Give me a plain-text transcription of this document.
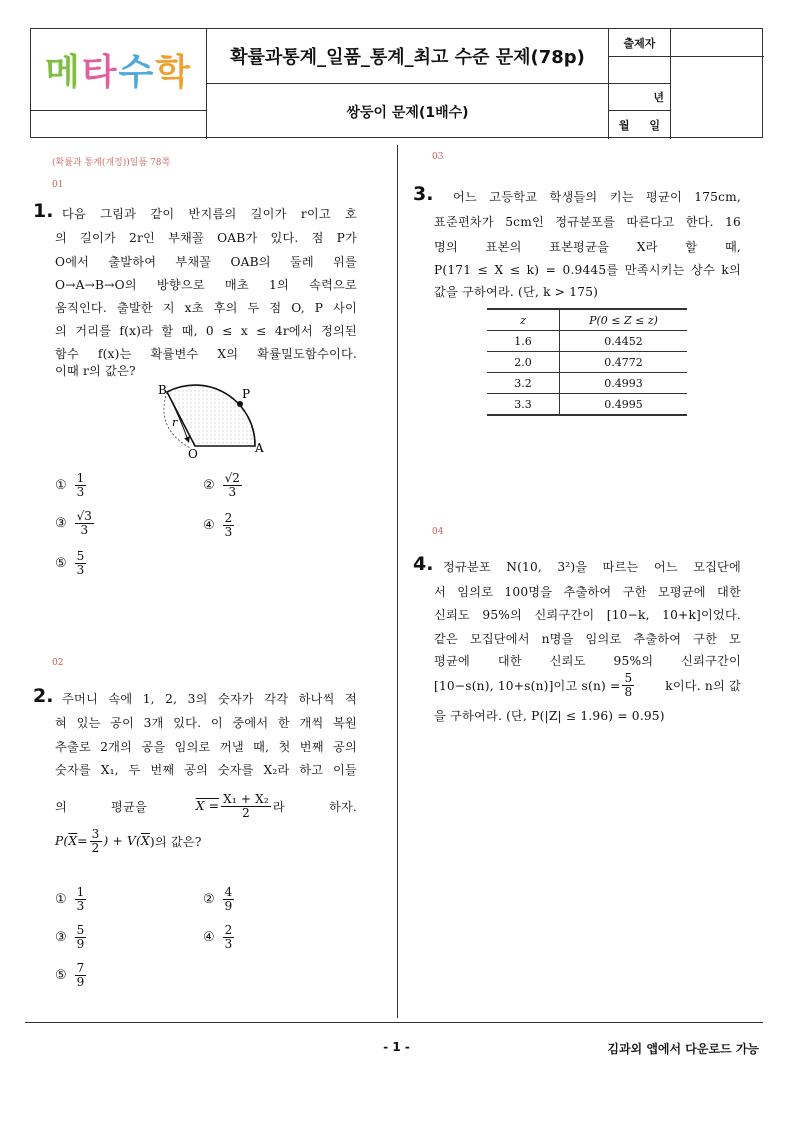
메타수학	확률과통계_일품_통계_최고 수준 문제(78p)
쌍둥이 문제(1배수)
출제자
년
월 일
(확률과 통계(개정))일품 78쪽
01
1. 다음 그림과 같이 반지름의 길이가 r이고 호
의 길이가 2r인 부채꼴 OAB가 있다. 점 P가
O에서 출발하여 부채꼴 OAB의 둘레 위를
O→A→B→O의 방향으로 매초 1의 속력으로
움직인다. 출발한 지 x초 후의 두 점 O, P 사이
의 거리를 f(x)라 할 때, 0 ≤ x ≤ 4r에서 정의된
함수 f(x)는 확률변수 X의 확률밀도함수이다.
이때 r의 값은?
B	P
r
O	A
① $\frac{1}{3}$	② $\frac{√2}{3}$
③ $\frac{√3}{3}$	④ $\frac{2}{3}$
⑤ $\frac{5}{3}$
02
2. 주머니 속에 1, 2, 3의 숫자가 각각 하나씩 적
혀 있는 공이 3개 있다. 이 중에서 한 개씩 복원
추출로 2개의 공을 임의로 꺼낼 때, 첫 번째 공의
숫자를 X₁, 두 번째 공의 숫자를 X₂라 하고 이들
의 평균을	$X = \frac{\text{X₁ + X₂}}{2}$ 라 하자.
P( $\overline{X} = \frac{3}{2}$ ) + V( $\overline{X}$ )의 값은?
① $\frac{1}{3}$	② $\frac{4}{9}$
③ $\frac{5}{9}$	④ $\frac{2}{3}$
⑤ $\frac{7}{9}$
03
3. 어느 고등학교 학생들의 키는 평균이 175cm,
표준편차가 5cm인 정규분포를 따른다고 한다. 16
명의 표본의 표본평균을 X라 할 때,
P(171 ≤ X ≤ k) = 0.9445를 만족시키는 상수 k의
값을 구하여라. (단, k > 175)
z	P(0 ≤ Z ≤ z)
1.6	0.4452
2.0	0.4772
3.2	0.4993
3.3	0.4995
04
4. 정규분포 N(10, 3²)을 따르는 어느 모집단에
서 임의로 100명을 추출하여 구한 모평균에 대한
신뢰도 95%의 신뢰구간이 [10−k, 10+k]이었다.
같은 모집단에서 n명을 임의로 추출하여 구한 모
평균에 대한 신뢰도 95%의 신뢰구간이
[10−s(n), 10+s(n)]이고 $s(n) = \frac{5}{8}$	k이다. n의 값
을 구하여라. (단, P(|Z| ≤ 1.96) = 0.95)
- 1 -	김과외 앱에서 다운로드 가능
